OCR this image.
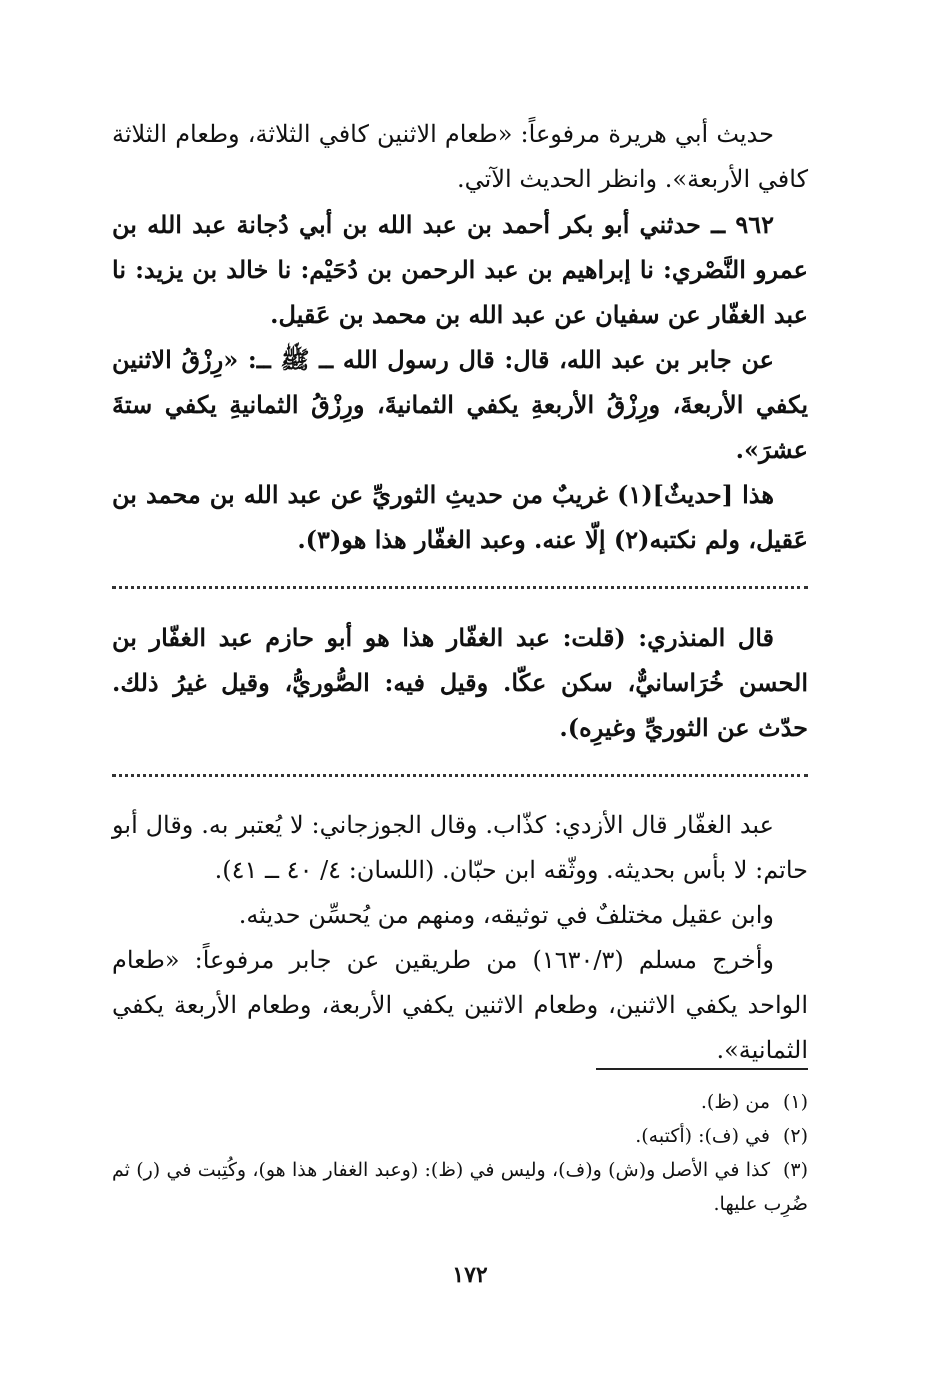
حديث أبي هريرة مرفوعاً: «طعام الاثنين كافي الثلاثة، وطعام الثلاثة كافي الأربعة». وانظر الحديث الآتي.

٩٦٢ ــ حدثني أبو بكر أحمد بن عبد الله بن أبي دُجانة عبد الله بن عمرو النَّصْري: نا إبراهيم بن عبد الرحمن بن دُحَيْم: نا خالد بن يزيد: نا عبد الغفّار عن سفيان عن عبد الله بن محمد بن عَقيل.

عن جابر بن عبد الله، قال: قال رسول الله ــ ﷺ ــ: «رِزْقُ الاثنين يكفي الأربعةَ، ورِزْقُ الأربعةِ يكفي الثمانيةَ، ورِزْقُ الثمانيةِ يكفي ستةَ عشرَ».

هذا [حديثٌ](١) غريبٌ من حديثِ الثوريِّ عن عبد الله بن محمد بن عَقيل، ولم نكتبه(٢) إلّا عنه. وعبد الغفّار هذا هو(٣).

قال المنذري: (قلت: عبد الغفّار هذا هو أبو حازم عبد الغفّار بن الحسن خُرَاسانيٌّ، سكن عكّا. وقيل فيه: الصُّوريُّ، وقيل غيرُ ذلك. حدّث عن الثوريِّ وغيرِه).

عبد الغفّار قال الأزدي: كذّاب. وقال الجوزجاني: لا يُعتبر به. وقال أبو حاتم: لا بأس بحديثه. ووثّقه ابن حبّان. (اللسان: ٤/ ٤٠ ــ ٤١).

وابن عقيل مختلفٌ في توثيقه، ومنهم من يُحسِّن حديثه.

وأخرج مسلم (١٦٣٠/٣) من طريقين عن جابر مرفوعاً: «طعام الواحد يكفي الاثنين، وطعام الاثنين يكفي الأربعة، وطعام الأربعة يكفي الثمانية».

(١)من (ظ).

(٢)في (ف): (أكتبه).

(٣)كذا في الأصل و(ش) و(ف)، وليس في (ظ): (وعبد الغفار هذا هو)، وكُتِبت في (ر) ثم ضُرِب عليها.

١٧٢
